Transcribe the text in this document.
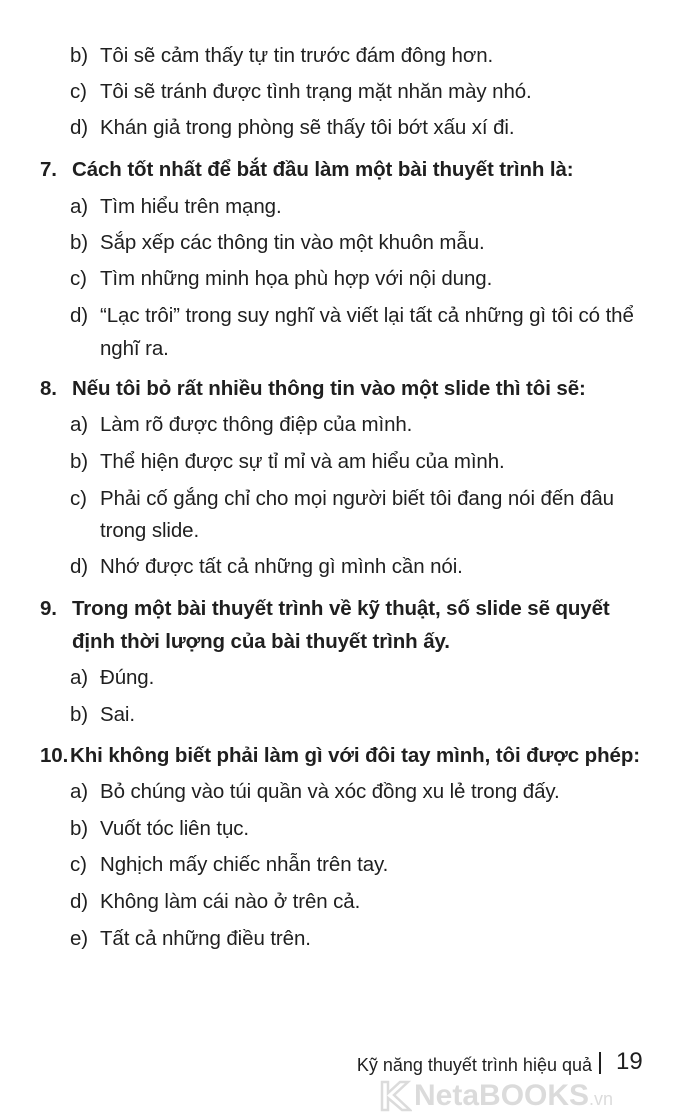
b) Tôi sẽ cảm thấy tự tin trước đám đông hơn.
c) Tôi sẽ tránh được tình trạng mặt nhăn mày nhó.
d) Khán giả trong phòng sẽ thấy tôi bớt xấu xí đi.
7. Cách tốt nhất để bắt đầu làm một bài thuyết trình là:
a) Tìm hiểu trên mạng.
b) Sắp xếp các thông tin vào một khuôn mẫu.
c) Tìm những minh họa phù hợp với nội dung.
d) “Lạc trôi” trong suy nghĩ và viết lại tất cả những gì tôi có thể
nghĩ ra.
8. Nếu tôi bỏ rất nhiều thông tin vào một slide thì tôi sẽ:
a) Làm rõ được thông điệp của mình.
b) Thể hiện được sự tỉ mỉ và am hiểu của mình.
c) Phải cố gắng chỉ cho mọi người biết tôi đang nói đến đâu
trong slide.
d) Nhớ được tất cả những gì mình cần nói.
9. Trong một bài thuyết trình về kỹ thuật, số slide sẽ quyết
định thời lượng của bài thuyết trình ấy.
a) Đúng.
b) Sai.
10. Khi không biết phải làm gì với đôi tay mình, tôi được phép:
a) Bỏ chúng vào túi quần và xóc đồng xu lẻ trong đấy.
b) Vuốt tóc liên tục.
c) Nghịch mấy chiếc nhẫn trên tay.
d) Không làm cái nào ở trên cả.
e) Tất cả những điều trên.
Kỹ năng thuyết trình hiệu quả 19
NetaBOOKS.vn
